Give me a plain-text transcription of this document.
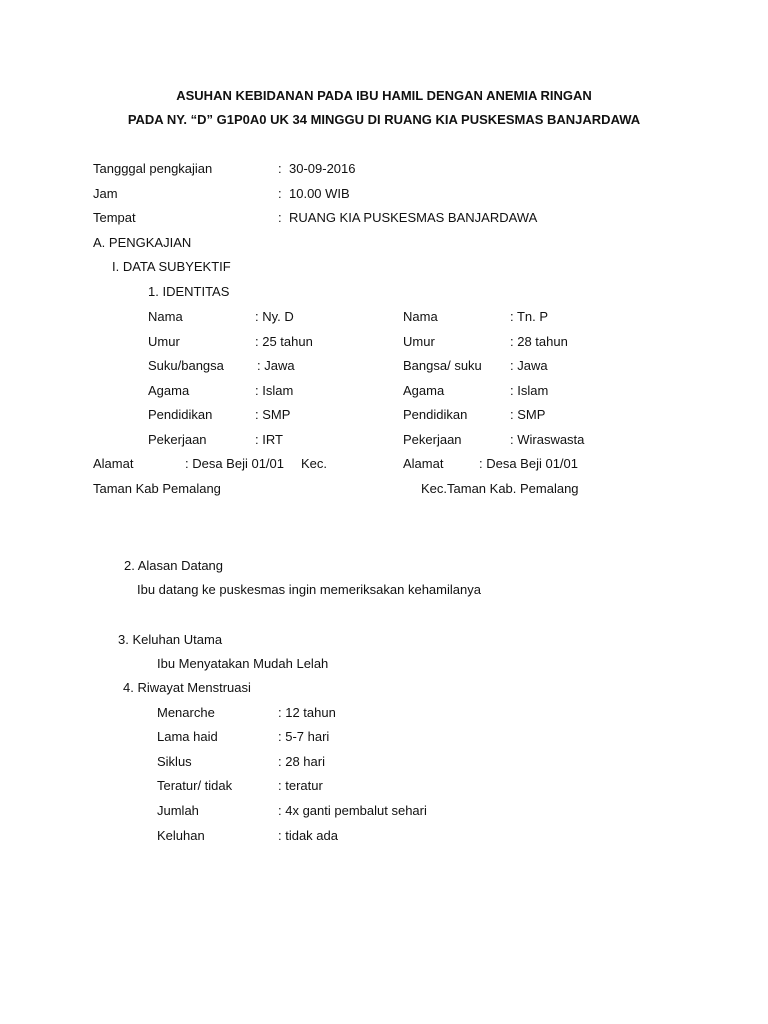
ASUHAN KEBIDANAN PADA IBU HAMIL DENGAN ANEMIA RINGAN
PADA NY. “D” G1P0A0 UK 34 MINGGU DI RUANG KIA PUSKESMAS BANJARDAWA
Tangggal pengkajian	: 30-09-2016
Jam	: 10.00 WIB
Tempat	: RUANG KIA PUSKESMAS BANJARDAWA
A. PENGKAJIAN
I. DATA SUBYEKTIF
1. IDENTITAS
Nama	: Ny. D
Umur	: 25 tahun
Suku/bangsa	: Jawa
Agama	: Islam
Pendidikan	: SMP
Pekerjaan	: IRT
Nama	: Tn. P
Umur	: 28 tahun
Bangsa/ suku : Jawa
Agama	: Islam
Pendidikan	: SMP
Pekerjaan	: Wiraswasta
Alamat	: Desa Beji 01/01 Kec.	Alamat	: Desa Beji 01/01
Taman Kab Pemalang	Kec.Taman Kab. Pemalang
2. Alasan Datang
Ibu datang ke puskesmas ingin memeriksakan kehamilanya
3. Keluhan Utama
Ibu Menyatakan Mudah Lelah
4. Riwayat Menstruasi
Menarche	: 12 tahun
Lama haid	: 5-7 hari
Siklus	: 28 hari
Teratur/ tidak	: teratur
Jumlah	: 4x ganti pembalut sehari
Keluhan	: tidak ada
